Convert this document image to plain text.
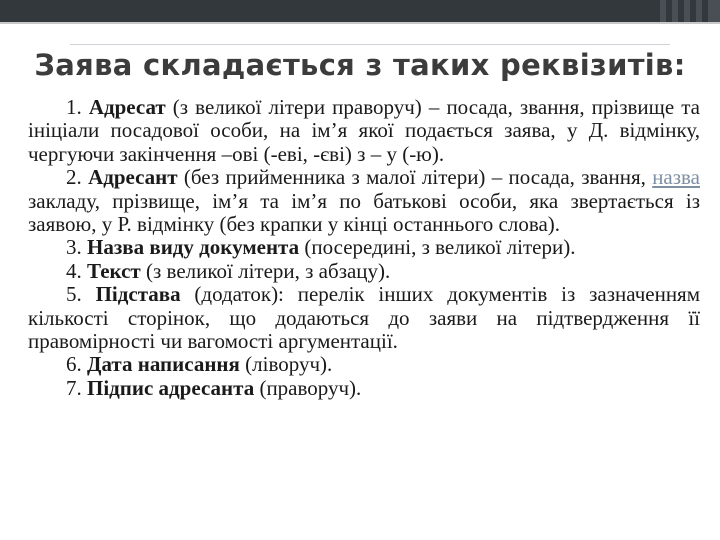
Заява складається з таких реквізитів:

1. Адресат (з великої літери праворуч) – посада, звання, прізвище та ініціали посадової особи, на ім’я якої подається заява, у Д. відмінку, чергуючи закінчення –ові (-еві, -єві) з – у (-ю).

2. Адресант (без прийменника з малої літери) – посада, звання, назва закладу, прізвище, ім’я та ім’я по батькові особи, яка звертається із заявою, у Р. відмінку (без крапки у кінці останнього слова).

3. Назва виду документа (посередині, з великої літери).

4. Текст (з великої літери, з абзацу).

5. Підстава (додаток): перелік інших документів із зазначенням кількості сторінок, що додаються до заяви на підтвердження її правомірності чи вагомості аргументації.

6. Дата написання (ліворуч).

7. Підпис адресанта (праворуч).
